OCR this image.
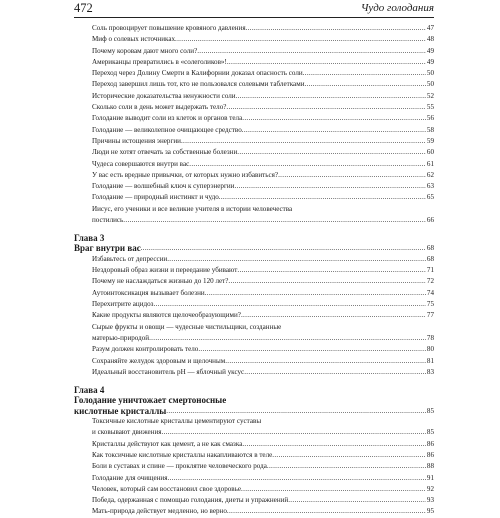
472	Чудо голодания
Соль провоцирует повышение кровяного давления .....	47
Миф о солевых источниках .....	48
Почему коровам дают много соли? .....	49
Американцы превратились в «солеголиков»! .....	49
Переход через Долину Смерти в Калифорнии доказал опасность соли .....	50
Переход завершил лишь тот, кто не пользовался солевыми таблетками .....	50
Исторические доказательства ненужности соли .....	52
Сколько соли в день может выдержать тело? .....	55
Голодание выводит соли из клеток и органов тела .....	56
Голодание — великолепное очищающее средство .....	58
Причины истощения энергии .....	59
Люди не хотят отвечать за собственные болезни .....	60
Чудеса совершаются внутри вас .....	61
У вас есть вредные привычки, от которых нужно избавиться? .....	62
Голодание — волшебный ключ к суперэнергии .....	63
Голодание — природный инстинкт и чудо .....	65
Иисус, его ученики и все великие учителя в истории человечества
постились .....	66
Глава 3
Враг внутри вас .....	68
Избавьтесь от депрессии .....	68
Нездоровый образ жизни и переедание убивают .....	71
Почему не наслаждаться жизнью до 120 лет? .....	72
Аутоинтоксикация вызывает болезни .....	74
Перехитрите ацидоз .....	75
Какие продукты являются щелочеобразующими? .....	77
Сырые фрукты и овощи — чудесные чистильщики, созданные
матерью-природой .....	78
Разум должен контролировать тело .....	80
Сохраняйте желудок здоровым и щелочным .....	81
Идеальный восстановитель pH — яблочный уксус .....	83
Глава 4
Голодание уничтожает смертоносные
кислотные кристаллы .....	85
Токсичные кислотные кристаллы цементируют суставы
и сковывают движения .....	85
Кристаллы действуют как цемент, а не как смазка .....	86
Как токсичные кислотные кристаллы накапливаются в теле .....	86
Боли в суставах и спине — проклятие человеческого рода .....	88
Голодание для очищения .....	91
Человек, который сам восстановил свое здоровье .....	92
Победа, одержанная с помощью голодания, диеты и упражнений .....	93
Мать-природа действует медленно, но верно .....	95
